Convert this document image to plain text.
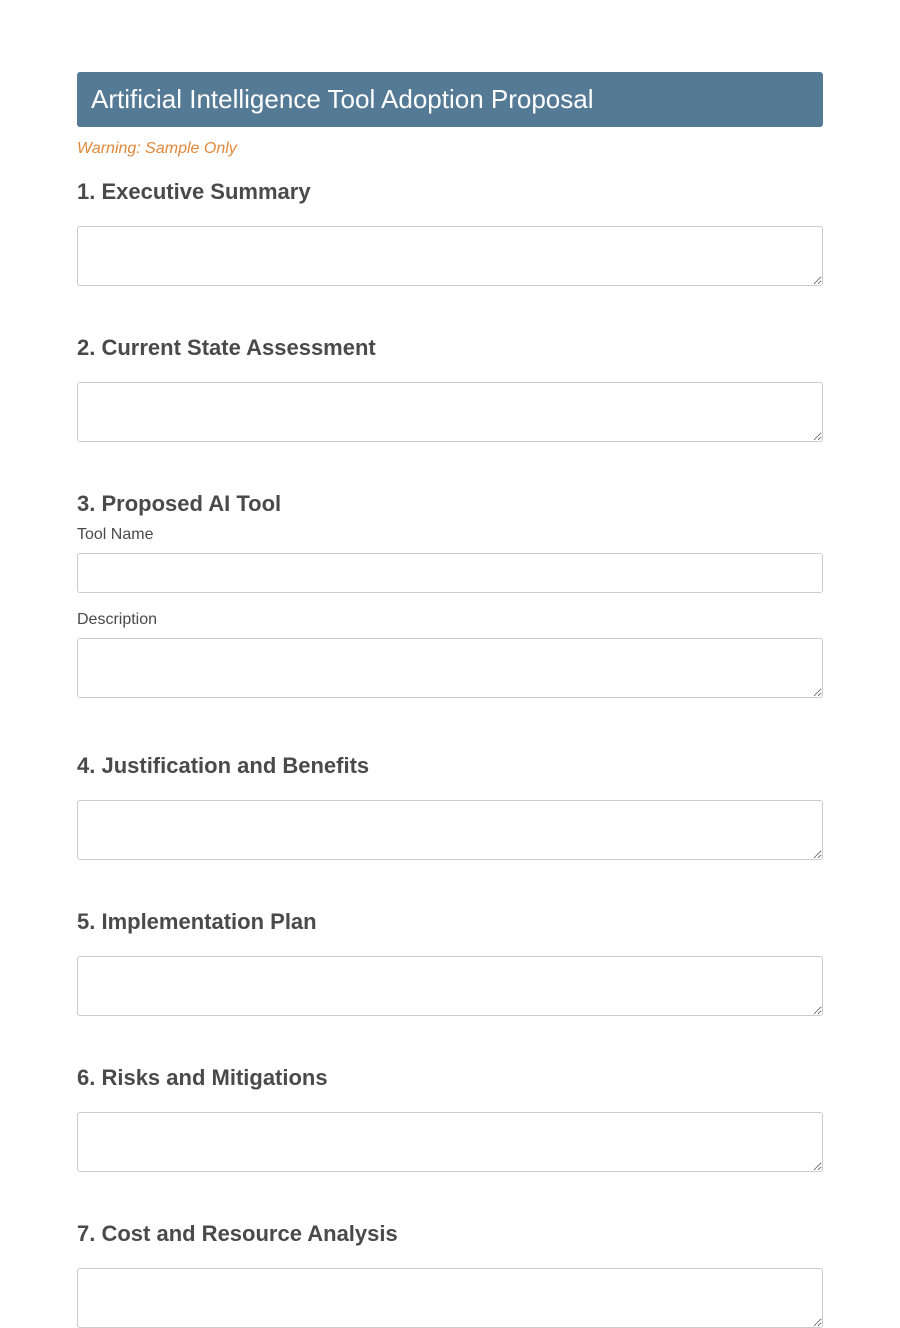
Artificial Intelligence Tool Adoption Proposal
Warning: Sample Only
1. Executive Summary
2. Current State Assessment
3. Proposed AI Tool
Tool Name
Description
4. Justification and Benefits
5. Implementation Plan
6. Risks and Mitigations
7. Cost and Resource Analysis
